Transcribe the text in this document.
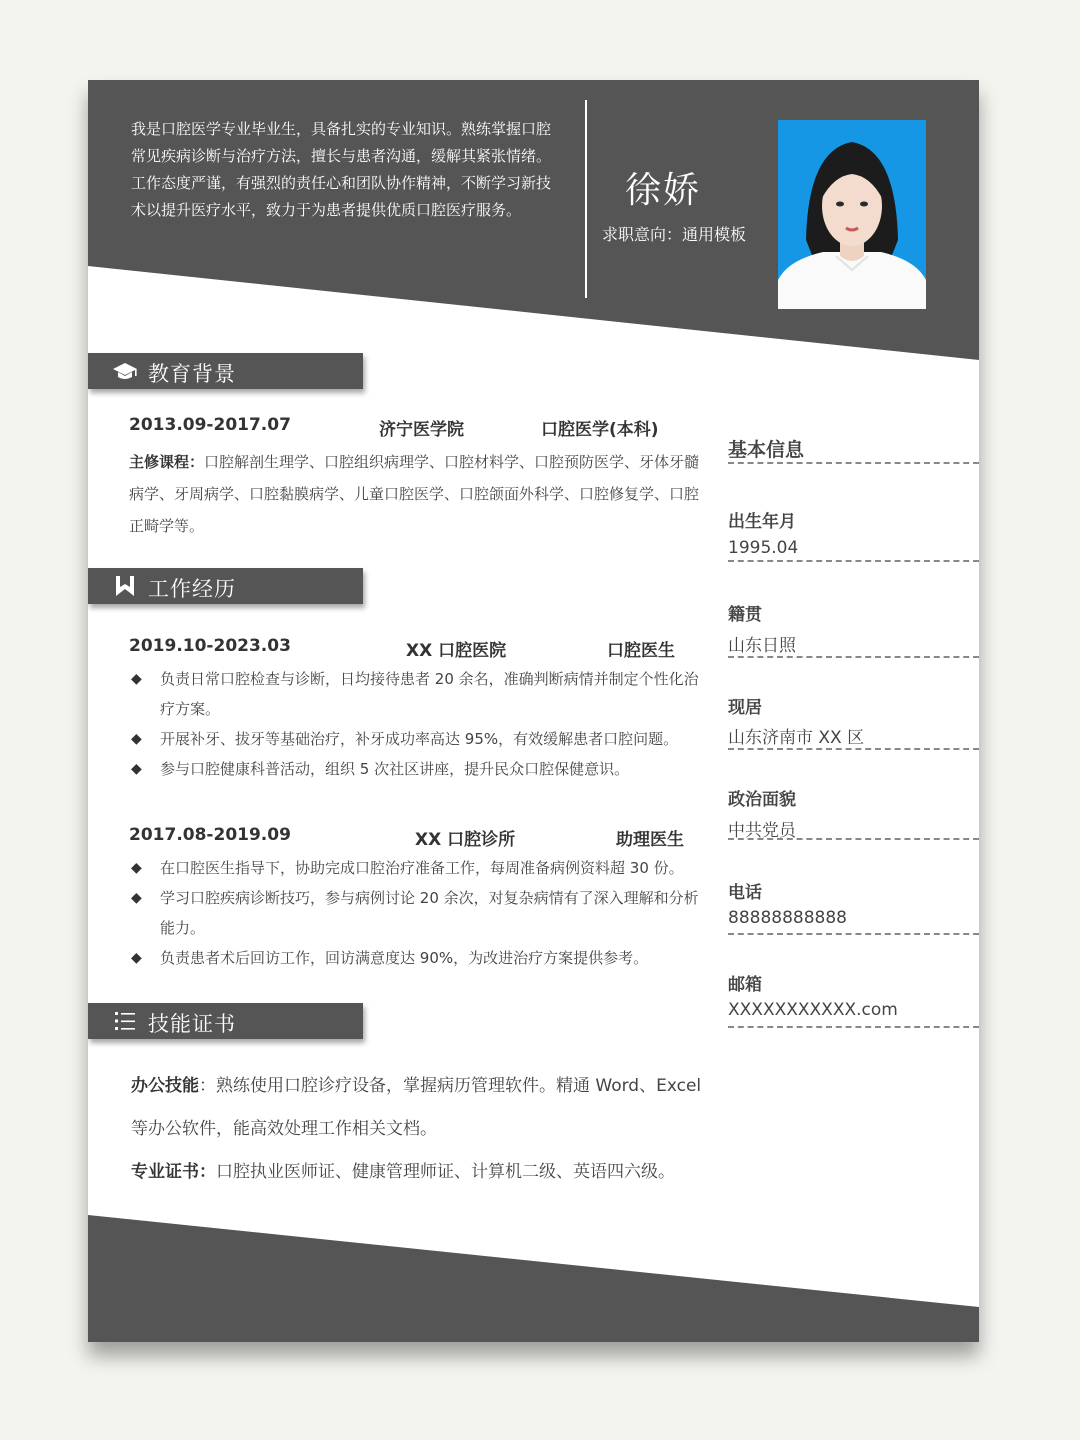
我是口腔医学专业毕业生，具备扎实的专业知识。熟练掌握口腔常见疾病诊断与治疗方法，擅长与患者沟通，缓解其紧张情绪。工作态度严谨，有强烈的责任心和团队协作精神，不断学习新技术以提升医疗水平，致力于为患者提供优质口腔医疗服务。	徐娇
求职意向：通用模板
教育背景
2013.09-2017.07	济宁医学院	口腔医学(本科)

主修课程：口腔解剖生理学、口腔组织病理学、口腔材料学、口腔预防医学、牙体牙髓病学、牙周病学、口腔黏膜病学、儿童口腔医学、口腔颌面外科学、口腔修复学、口腔正畸学等。

工作经历
2019.10-2023.03	XX 口腔医院	口腔医生
◆ 负责日常口腔检查与诊断，日均接待患者 20 余名，准确判断病情并制定个性化治疗方案。
◆ 开展补牙、拔牙等基础治疗，补牙成功率高达 95%，有效缓解患者口腔问题。
◆ 参与口腔健康科普活动，组织 5 次社区讲座，提升民众口腔保健意识。
2017.08-2019.09	XX 口腔诊所	助理医生
◆ 在口腔医生指导下，协助完成口腔治疗准备工作，每周准备病例资料超 30 份。
◆ 学习口腔疾病诊断技巧，参与病例讨论 20 余次，对复杂病情有了深入理解和分析能力。
◆ 负责患者术后回访工作，回访满意度达 90%，为改进治疗方案提供参考。
技能证书

办公技能：熟练使用口腔诊疗设备，掌握病历管理软件。精通 Word、Excel 等办公软件，能高效处理工作相关文档。
专业证书：口腔执业医师证、健康管理师证、计算机二级、英语四六级。

基本信息
出生年月
1995.04
籍贯
山东日照
现居
山东济南市 XX 区
政治面貌
中共党员
电话
88888888888
邮箱
XXXXXXXXXXX.com
